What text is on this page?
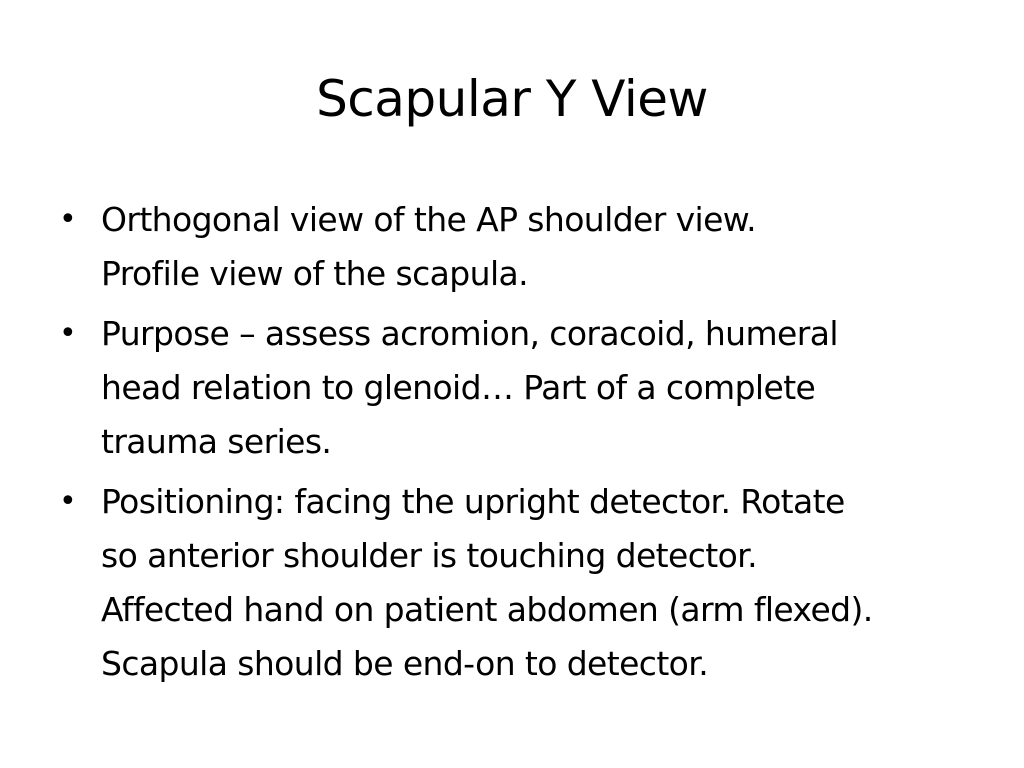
Scapular Y View
• Orthogonal view of the AP shoulder view.
Profile view of the scapula.
• Purpose – assess acromion, coracoid, humeral
head relation to glenoid… Part of a complete
trauma series.
• Positioning: facing the upright detector. Rotate
so anterior shoulder is touching detector.
Affected hand on patient abdomen (arm flexed).
Scapula should be end-on to detector.
